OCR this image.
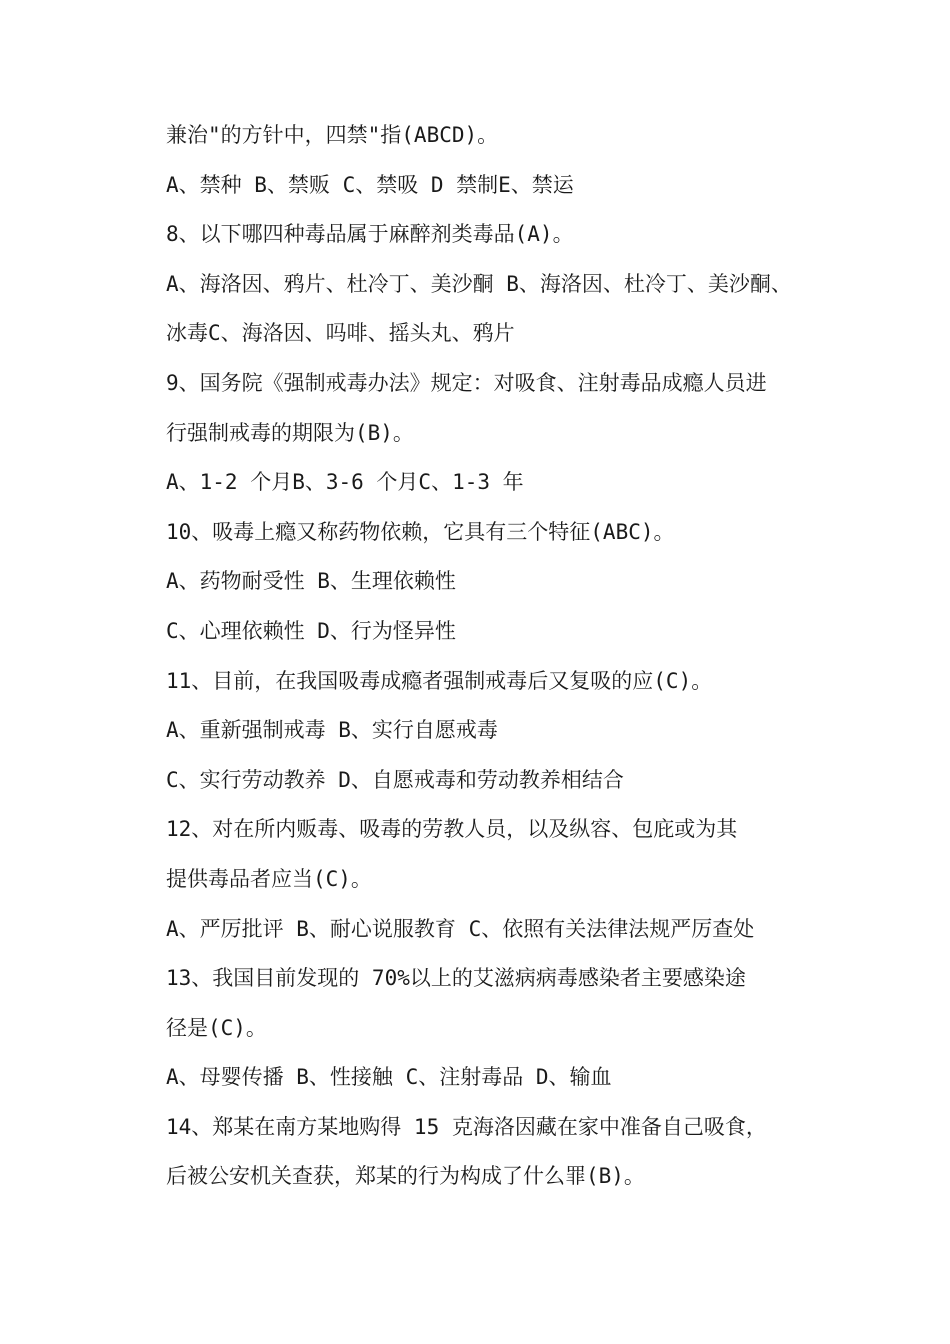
兼治"的方针中，四禁"指(ABCD)。
A、禁种 B、禁贩 C、禁吸 D 禁制E、禁运
8、以下哪四种毒品属于麻醉剂类毒品(A)。
A、海洛因、鸦片、杜冷丁、美沙酮 B、海洛因、杜冷丁、美沙酮、
冰毒C、海洛因、吗啡、摇头丸、鸦片
9、国务院《强制戒毒办法》规定：对吸食、注射毒品成瘾人员进
行强制戒毒的期限为(B)。
A、1-2 个月B、3-6 个月C、1-3 年
10、吸毒上瘾又称药物依赖，它具有三个特征(ABC)。
A、药物耐受性 B、生理依赖性
C、心理依赖性 D、行为怪异性
11、目前，在我国吸毒成瘾者强制戒毒后又复吸的应(C)。
A、重新强制戒毒 B、实行自愿戒毒
C、实行劳动教养 D、自愿戒毒和劳动教养相结合
12、对在所内贩毒、吸毒的劳教人员，以及纵容、包庇或为其
提供毒品者应当(C)。
A、严厉批评 B、耐心说服教育 C、依照有关法律法规严厉查处
13、我国目前发现的 70%以上的艾滋病病毒感染者主要感染途
径是(C)。
A、母婴传播 B、性接触 C、注射毒品 D、输血
14、郑某在南方某地购得 15 克海洛因藏在家中准备自己吸食，
后被公安机关查获，郑某的行为构成了什么罪(B)。
